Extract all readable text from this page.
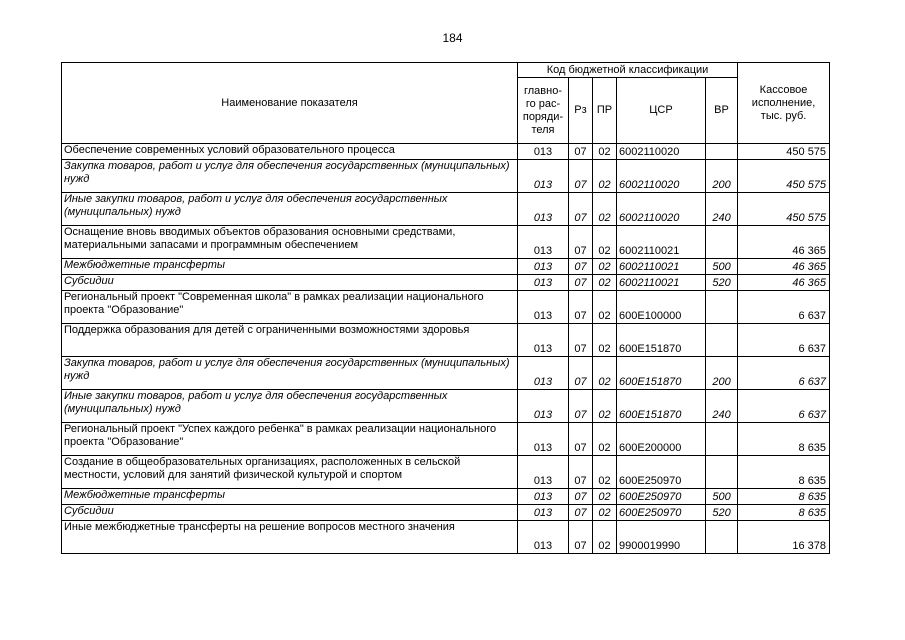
184
Наименование показателя	Код бюджетной классификации					Кассовое исполнение, тыс. руб.
	главно-го рас-поряди-теля	Рз	ПР	ЦСР	ВР	
Обеспечение современных условий образовательного процесса	013	07	02	6002110020		450 575
Закупка товаров, работ и услуг для обеспечения государственных (муниципальных) нужд	013	07	02	6002110020	200	450 575
Иные закупки товаров, работ и услуг для обеспечения государственных (муниципальных) нужд	013	07	02	6002110020	240	450 575
Оснащение вновь вводимых объектов образования основными средствами, материальными запасами и программным обеспечением	013	07	02	6002110021		46 365
Межбюджетные трансферты	013	07	02	6002110021	500	46 365
Субсидии	013	07	02	6002110021	520	46 365
Региональный проект "Современная школа" в рамках реализации национального проекта "Образование"	013	07	02	600E100000		6 637
Поддержка образования для детей с ограниченными возможностями здоровья	013	07	02	600E151870		6 637
Закупка товаров, работ и услуг для обеспечения государственных (муниципальных) нужд	013	07	02	600E151870	200	6 637
Иные закупки товаров, работ и услуг для обеспечения государственных (муниципальных) нужд	013	07	02	600E151870	240	6 637
Региональный проект "Успех каждого ребенка" в рамках реализации национального проекта "Образование"	013	07	02	600E200000		8 635
Создание в общеобразовательных организациях, расположенных в сельской местности, условий для занятий физической культурой и спортом	013	07	02	600E250970		8 635
Межбюджетные трансферты	013	07	02	600E250970	500	8 635
Субсидии	013	07	02	600E250970	520	8 635
Иные межбюджетные трансферты на решение вопросов местного значения	013	07	02	9900019990		16 378
